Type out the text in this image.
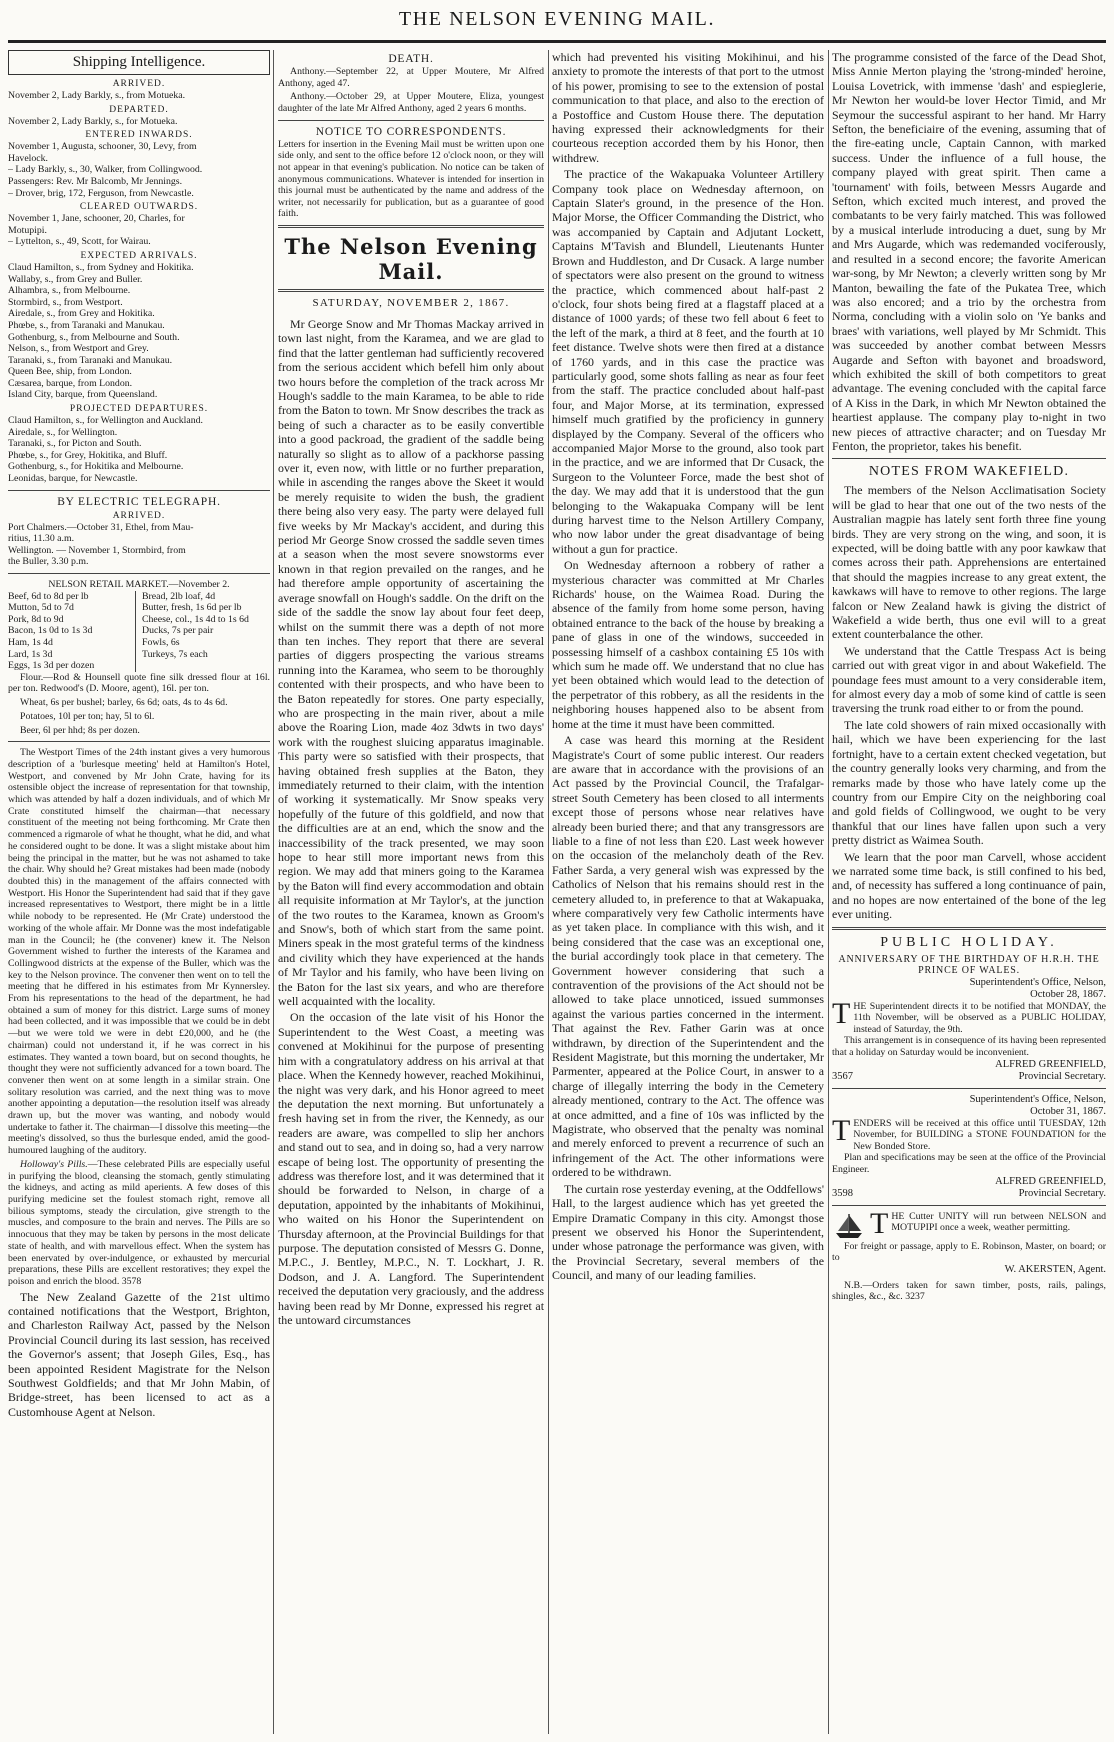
THE NELSON EVENING MAIL.
Shipping Intelligence.
ARRIVED.
November 2, Lady Barkly, s., from Motueka.
DEPARTED.
November 2, Lady Barkly, s., for Motueka.
ENTERED INWARDS.
November 1, Augusta, schooner, 30, Levy, from
Havelock.
– Lady Barkly, s., 30, Walker, from Collingwood.
Passengers: Rev. Mr Balcomb, Mr Jennings.
– Drover, brig, 172, Ferguson, from Newcastle.
CLEARED OUTWARDS.
November 1, Jane, schooner, 20, Charles, for
Motupipi.
– Lyttelton, s., 49, Scott, for Wairau.
EXPECTED ARRIVALS.
Claud Hamilton, s., from Sydney and Hokitika.
Wallaby, s., from Grey and Buller.
Alhambra, s., from Melbourne.
Stormbird, s., from Westport.
Airedale, s., from Grey and Hokitika.
Phœbe, s., from Taranaki and Manukau.
Gothenburg, s., from Melbourne and South.
Nelson, s., from Westport and Grey.
Taranaki, s., from Taranaki and Manukau.
Queen Bee, ship, from London.
Cæsarea, barque, from London.
Island City, barque, from Queensland.
PROJECTED DEPARTURES.
Claud Hamilton, s., for Wellington and Auckland.
Airedale, s., for Wellington.
Taranaki, s., for Picton and South.
Phœbe, s., for Grey, Hokitika, and Bluff.
Gothenburg, s., for Hokitika and Melbourne.
Leonidas, barque, for Newcastle.
BY ELECTRIC TELEGRAPH.
ARRIVED.
Port Chalmers.—October 31, Ethel, from Mau-
ritius, 11.30 a.m.
Wellington. — November 1, Stormbird, from
the Buller, 3.30 p.m.
NELSON RETAIL MARKET.—November 2.
Beef, 6d to 8d per lb
Mutton, 5d to 7d
Pork, 8d to 9d
Bacon, 1s 0d to 1s 3d
Ham, 1s 4d
Lard, 1s 3d
Eggs, 1s 3d per dozen
Bread, 2lb loaf, 4d
Butter, fresh, 1s 6d per lb
Cheese, col., 1s 4d to 1s 6d
Ducks, 7s per pair
Fowls, 6s
Turkeys, 7s each
Flour.—Rod & Hounsell quote fine silk dressed flour at 16l. per ton. Redwood's (D. Moore, agent), 16l. per ton.
Wheat, 6s per bushel; barley, 6s 6d; oats, 4s to 4s 6d.
Potatoes, 10l per ton; hay, 5l to 6l.
Beer, 6l per hhd; 8s per dozen.
The Westport Times of the 24th instant gives a very humorous description of a 'burlesque meeting' held at Hamilton's Hotel, Westport, and convened by Mr John Crate, having for its ostensible object the increase of representation for that township, which was attended by half a dozen individuals, and of which Mr Crate constituted himself the chairman—that necessary constituent of the meeting not being forthcoming. Mr Crate then commenced a rigmarole of what he thought, what he did, and what he considered ought to be done. It was a slight mistake about him being the principal in the matter, but he was not ashamed to take the chair. Why should he? Great mistakes had been made (nobody doubted this) in the management of the affairs connected with Westport. His Honor the Superintendent had said that if they gave increased representatives to Westport, there might be in a little while nobody to be represented. He (Mr Crate) understood the working of the whole affair. Mr Donne was the most indefatigable man in the Council; he (the convener) knew it. The Nelson Government wished to further the interests of the Karamea and Collingwood districts at the expense of the Buller, which was the key to the Nelson province. The convener then went on to tell the meeting that he differed in his estimates from Mr Kynnersley. From his representations to the head of the department, he had obtained a sum of money for this district. Large sums of money had been collected, and it was impossible that we could be in debt—but we were told we were in debt £20,000, and he (the chairman) could not understand it, if he was correct in his estimates. They wanted a town board, but on second thoughts, he thought they were not sufficiently advanced for a town board. The convener then went on at some length in a similar strain. One solitary resolution was carried, and the next thing was to move another appointing a deputation—the resolution itself was already drawn up, but the mover was wanting, and nobody would undertake to father it. The chairman—I dissolve this meeting—the meeting's dissolved, so thus the burlesque ended, amid the good-humoured laughing of the auditory.
Holloway's Pills.—These celebrated Pills are especially useful in purifying the blood, cleansing the stomach, gently stimulating the kidneys, and acting as mild aperients. A few doses of this purifying medicine set the foulest stomach right, remove all bilious symptoms, steady the circulation, give strength to the muscles, and composure to the brain and nerves. The Pills are so innocuous that they may be taken by persons in the most delicate state of health, and with marvellous effect. When the system has been enervated by over-indulgence, or exhausted by mercurial preparations, these Pills are excellent restoratives; they expel the poison and enrich the blood. 3578
The New Zealand Gazette of the 21st ultimo contained notifications that the Westport, Brighton, and Charleston Railway Act, passed by the Nelson Provincial Council during its last session, has received the Governor's assent; that Joseph Giles, Esq., has been appointed Resident Magistrate for the Nelson Southwest Goldfields; and that Mr John Mabin, of Bridge-street, has been licensed to act as a Customhouse Agent at Nelson.
DEATH.
Anthony.—September 22, at Upper Moutere, Mr Alfred Anthony, aged 47.
Anthony.—October 29, at Upper Moutere, Eliza, youngest daughter of the late Mr Alfred Anthony, aged 2 years 6 months.
NOTICE TO CORRESPONDENTS.
Letters for insertion in the Evening Mail must be written upon one side only, and sent to the office before 12 o'clock noon, or they will not appear in that evening's publication. No notice can be taken of anonymous communications. Whatever is intended for insertion in this journal must be authenticated by the name and address of the writer, not necessarily for publication, but as a guarantee of good faith.
The Nelson Evening Mail.
SATURDAY, NOVEMBER 2, 1867.
Mr George Snow and Mr Thomas Mackay arrived in town last night, from the Karamea, and we are glad to find that the latter gentleman had sufficiently recovered from the serious accident which befell him only about two hours before the completion of the track across Mr Hough's saddle to the main Karamea, to be able to ride from the Baton to town. Mr Snow describes the track as being of such a character as to be easily convertible into a good packroad, the gradient of the saddle being naturally so slight as to allow of a packhorse passing over it, even now, with little or no further preparation, while in ascending the ranges above the Skeet it would be merely requisite to widen the bush, the gradient there being also very easy. The party were delayed full five weeks by Mr Mackay's accident, and during this period Mr George Snow crossed the saddle seven times at a season when the most severe snowstorms ever known in that region prevailed on the ranges, and he had therefore ample opportunity of ascertaining the average snowfall on Hough's saddle. On the drift on the side of the saddle the snow lay about four feet deep, whilst on the summit there was a depth of not more than ten inches. They report that there are several parties of diggers prospecting the various streams running into the Karamea, who seem to be thoroughly contented with their prospects, and who have been to the Baton repeatedly for stores. One party especially, who are prospecting in the main river, about a mile above the Roaring Lion, made 4oz 3dwts in two days' work with the roughest sluicing apparatus imaginable. This party were so satisfied with their prospects, that having obtained fresh supplies at the Baton, they immediately returned to their claim, with the intention of working it systematically. Mr Snow speaks very hopefully of the future of this goldfield, and now that the difficulties are at an end, which the snow and the inaccessibility of the track presented, we may soon hope to hear still more important news from this region. We may add that miners going to the Karamea by the Baton will find every accommodation and obtain all requisite information at Mr Taylor's, at the junction of the two routes to the Karamea, known as Groom's and Snow's, both of which start from the same point. Miners speak in the most grateful terms of the kindness and civility which they have experienced at the hands of Mr Taylor and his family, who have been living on the Baton for the last six years, and who are therefore well acquainted with the locality.
On the occasion of the late visit of his Honor the Superintendent to the West Coast, a meeting was convened at Mokihinui for the purpose of presenting him with a congratulatory address on his arrival at that place. When the Kennedy however, reached Mokihinui, the night was very dark, and his Honor agreed to meet the deputation the next morning. But unfortunately a fresh having set in from the river, the Kennedy, as our readers are aware, was compelled to slip her anchors and stand out to sea, and in doing so, had a very narrow escape of being lost. The opportunity of presenting the address was therefore lost, and it was determined that it should be forwarded to Nelson, in charge of a deputation, appointed by the inhabitants of Mokihinui, who waited on his Honor the Superintendent on Thursday afternoon, at the Provincial Buildings for that purpose. The deputation consisted of Messrs G. Donne, M.P.C., J. Bentley, M.P.C., N. T. Lockhart, J. R. Dodson, and J. A. Langford. The Superintendent received the deputation very graciously, and the address having been read by Mr Donne, expressed his regret at the untoward circumstances
which had prevented his visiting Mokihinui, and his anxiety to promote the interests of that port to the utmost of his power, promising to see to the extension of postal communication to that place, and also to the erection of a Postoffice and Custom House there. The deputation having expressed their acknowledgments for their courteous reception accorded them by his Honor, then withdrew.
The practice of the Wakapuaka Volunteer Artillery Company took place on Wednesday afternoon, on Captain Slater's ground, in the presence of the Hon. Major Morse, the Officer Commanding the District, who was accompanied by Captain and Adjutant Lockett, Captains M'Tavish and Blundell, Lieutenants Hunter Brown and Huddleston, and Dr Cusack. A large number of spectators were also present on the ground to witness the practice, which commenced about half-past 2 o'clock, four shots being fired at a flagstaff placed at a distance of 1000 yards; of these two fell about 6 feet to the left of the mark, a third at 8 feet, and the fourth at 10 feet distance. Twelve shots were then fired at a distance of 1760 yards, and in this case the practice was particularly good, some shots falling as near as four feet from the staff. The practice concluded about half-past four, and Major Morse, at its termination, expressed himself much gratified by the proficiency in gunnery displayed by the Company. Several of the officers who accompanied Major Morse to the ground, also took part in the practice, and we are informed that Dr Cusack, the Surgeon to the Volunteer Force, made the best shot of the day. We may add that it is understood that the gun belonging to the Wakapuaka Company will be lent during harvest time to the Nelson Artillery Company, who now labor under the great disadvantage of being without a gun for practice.
On Wednesday afternoon a robbery of rather a mysterious character was committed at Mr Charles Richards' house, on the Waimea Road. During the absence of the family from home some person, having obtained entrance to the back of the house by breaking a pane of glass in one of the windows, succeeded in possessing himself of a cashbox containing £5 10s with which sum he made off. We understand that no clue has yet been obtained which would lead to the detection of the perpetrator of this robbery, as all the residents in the neighboring houses happened also to be absent from home at the time it must have been committed.
A case was heard this morning at the Resident Magistrate's Court of some public interest. Our readers are aware that in accordance with the provisions of an Act passed by the Provincial Council, the Trafalgar-street South Cemetery has been closed to all interments except those of persons whose near relatives have already been buried there; and that any transgressors are liable to a fine of not less than £20. Last week however on the occasion of the melancholy death of the Rev. Father Sarda, a very general wish was expressed by the Catholics of Nelson that his remains should rest in the cemetery alluded to, in preference to that at Wakapuaka, where comparatively very few Catholic interments have as yet taken place. In compliance with this wish, and it being considered that the case was an exceptional one, the burial accordingly took place in that cemetery. The Government however considering that such a contravention of the provisions of the Act should not be allowed to take place unnoticed, issued summonses against the various parties concerned in the interment. That against the Rev. Father Garin was at once withdrawn, by direction of the Superintendent and the Resident Magistrate, but this morning the undertaker, Mr Parmenter, appeared at the Police Court, in answer to a charge of illegally interring the body in the Cemetery already mentioned, contrary to the Act. The offence was at once admitted, and a fine of 10s was inflicted by the Magistrate, who observed that the penalty was nominal and merely enforced to prevent a recurrence of such an infringement of the Act. The other informations were ordered to be withdrawn.
The curtain rose yesterday evening, at the Oddfellows' Hall, to the largest audience which has yet greeted the Empire Dramatic Company in this city. Amongst those present we observed his Honor the Superintendent, under whose patronage the performance was given, with the Provincial Secretary, several members of the Council, and many of our leading families.
The programme consisted of the farce of the Dead Shot, Miss Annie Merton playing the 'strong-minded' heroine, Louisa Lovetrick, with immense 'dash' and espieglerie, Mr Newton her would-be lover Hector Timid, and Mr Seymour the successful aspirant to her hand. Mr Harry Sefton, the beneficiaire of the evening, assuming that of the fire-eating uncle, Captain Cannon, with marked success. Under the influence of a full house, the company played with great spirit. Then came a 'tournament' with foils, between Messrs Augarde and Sefton, which excited much interest, and proved the combatants to be very fairly matched. This was followed by a musical interlude introducing a duet, sung by Mr and Mrs Augarde, which was redemanded vociferously, and resulted in a second encore; the favorite American war-song, by Mr Newton; a cleverly written song by Mr Manton, bewailing the fate of the Pukatea Tree, which was also encored; and a trio by the orchestra from Norma, concluding with a violin solo on 'Ye banks and braes' with variations, well played by Mr Schmidt. This was succeeded by another combat between Messrs Augarde and Sefton with bayonet and broadsword, which exhibited the skill of both competitors to great advantage. The evening concluded with the capital farce of A Kiss in the Dark, in which Mr Newton obtained the heartiest applause. The company play to-night in two new pieces of attractive character; and on Tuesday Mr Fenton, the proprietor, takes his benefit.
NOTES FROM WAKEFIELD.
The members of the Nelson Acclimatisation Society will be glad to hear that one out of the two nests of the Australian magpie has lately sent forth three fine young birds. They are very strong on the wing, and soon, it is expected, will be doing battle with any poor kawkaw that comes across their path. Apprehensions are entertained that should the magpies increase to any great extent, the kawkaws will have to remove to other regions. The large falcon or New Zealand hawk is giving the district of Wakefield a wide berth, thus one evil will to a great extent counterbalance the other.
We understand that the Cattle Trespass Act is being carried out with great vigor in and about Wakefield. The poundage fees must amount to a very considerable item, for almost every day a mob of some kind of cattle is seen traversing the trunk road either to or from the pound.
The late cold showers of rain mixed occasionally with hail, which we have been experiencing for the last fortnight, have to a certain extent checked vegetation, but the country generally looks very charming, and from the remarks made by those who have lately come up the country from our Empire City on the neighboring coal and gold fields of Collingwood, we ought to be very thankful that our lines have fallen upon such a very pretty district as Waimea South.
We learn that the poor man Carvell, whose accident we narrated some time back, is still confined to his bed, and, of necessity has suffered a long continuance of pain, and no hopes are now entertained of the bone of the leg ever uniting.
PUBLIC HOLIDAY.
ANNIVERSARY OF THE BIRTHDAY OF H.R.H. THE PRINCE OF WALES.
Superintendent's Office, Nelson,
October 28, 1867.
THE Superintendent directs it to be notified that MONDAY, the 11th November, will be observed as a PUBLIC HOLIDAY, instead of Saturday, the 9th.
This arrangement is in consequence of its having been represented that a holiday on Saturday would be inconvenient.
ALFRED GREENFIELD,
3567	Provincial Secretary.
Superintendent's Office, Nelson,
October 31, 1867.
TENDERS will be received at this office until TUESDAY, 12th November, for BUILDING a STONE FOUNDATION for the New Bonded Store.
Plan and specifications may be seen at the office of the Provincial Engineer.
ALFRED GREENFIELD,
3598	Provincial Secretary.
THE Cutter UNITY will run between NELSON and MOTUPIPI once a week, weather permitting.
For freight or passage, apply to E. Robinson, Master, on board; or to
W. AKERSTEN, Agent.
N.B.—Orders taken for sawn timber, posts, rails, palings, shingles, &c., &c. 3237
